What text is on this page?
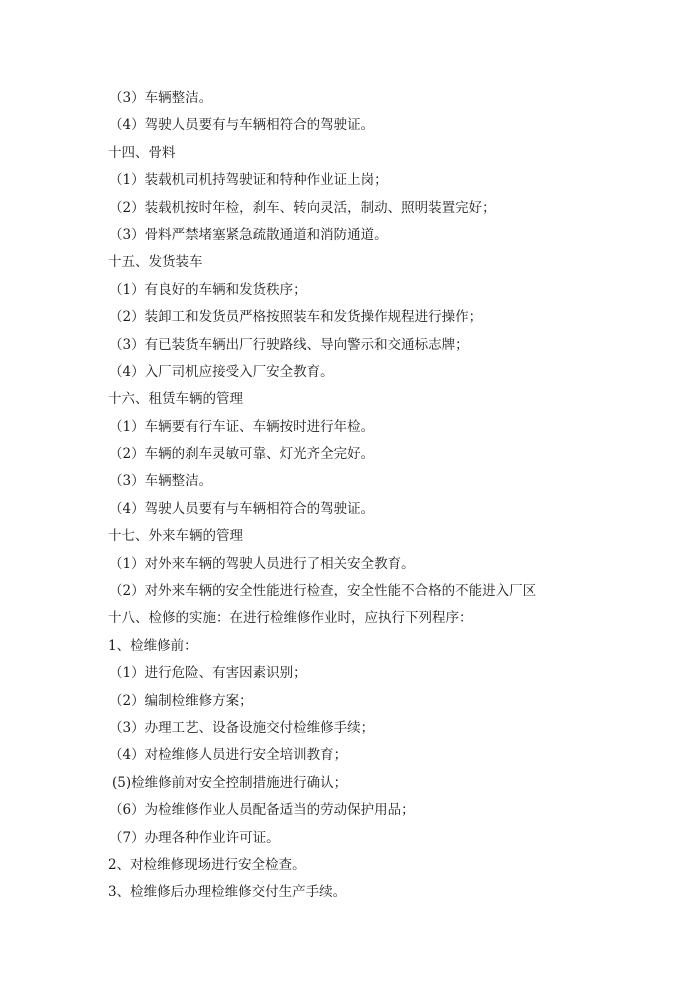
（3）车辆整洁。

（4）驾驶人员要有与车辆相符合的驾驶证。

十四、骨料

（1）装载机司机持驾驶证和特种作业证上岗；

（2）装载机按时年检，刹车、转向灵活，制动、照明装置完好；

（3）骨料严禁堵塞紧急疏散通道和消防通道。

十五、发货装车

（1）有良好的车辆和发货秩序；

（2）装卸工和发货员严格按照装车和发货操作规程进行操作；

（3）有已装货车辆出厂行驶路线、导向警示和交通标志牌；

（4）入厂司机应接受入厂安全教育。

十六、租赁车辆的管理

（1）车辆要有行车证、车辆按时进行年检。

（2）车辆的刹车灵敏可靠、灯光齐全完好。

（3）车辆整洁。

（4）驾驶人员要有与车辆相符合的驾驶证。

十七、外来车辆的管理

（1）对外来车辆的驾驶人员进行了相关安全教育。

（2）对外来车辆的安全性能进行检查，安全性能不合格的不能进入厂区

十八、检修的实施：在进行检维修作业时，应执行下列程序：

1、检维修前：

（1）进行危险、有害因素识别；

（2）编制检维修方案；

（3）办理工艺、设备设施交付检维修手续；

（4）对检维修人员进行安全培训教育；

(5)检维修前对安全控制措施进行确认；

（6）为检维修作业人员配备适当的劳动保护用品；

（7）办理各种作业许可证。

2、对检维修现场进行安全检查。

3、检维修后办理检维修交付生产手续。
